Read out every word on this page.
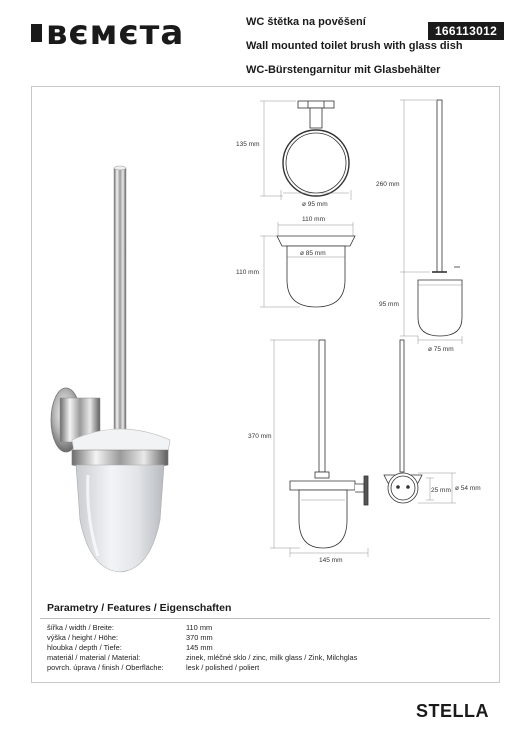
ʙємєтa	WC štětka na pověšení
Wall mounted toilet brush with glass dish
WC-Bürstengarnitur mit Glasbehälter
166113012
135 mm
ø 95 mm
110 mm
ø 85 mm
110 mm
260 mm
95 mm
ø 75 mm
370 mm
145 mm
25 mm ø 54 mm
Parametry / Features / Eigenschaften
šířka / width / Breite:	110 mm
výška / height / Höhe:	370 mm
hloubka / depth / Tiefe:	145 mm
materiál / material / Material:	zinek, mléčné sklo / zinc, milk glass / Zink, Milchglas
povrch. úprava / finish / Oberfläche:	lesk / polished / poliert
STELLA
